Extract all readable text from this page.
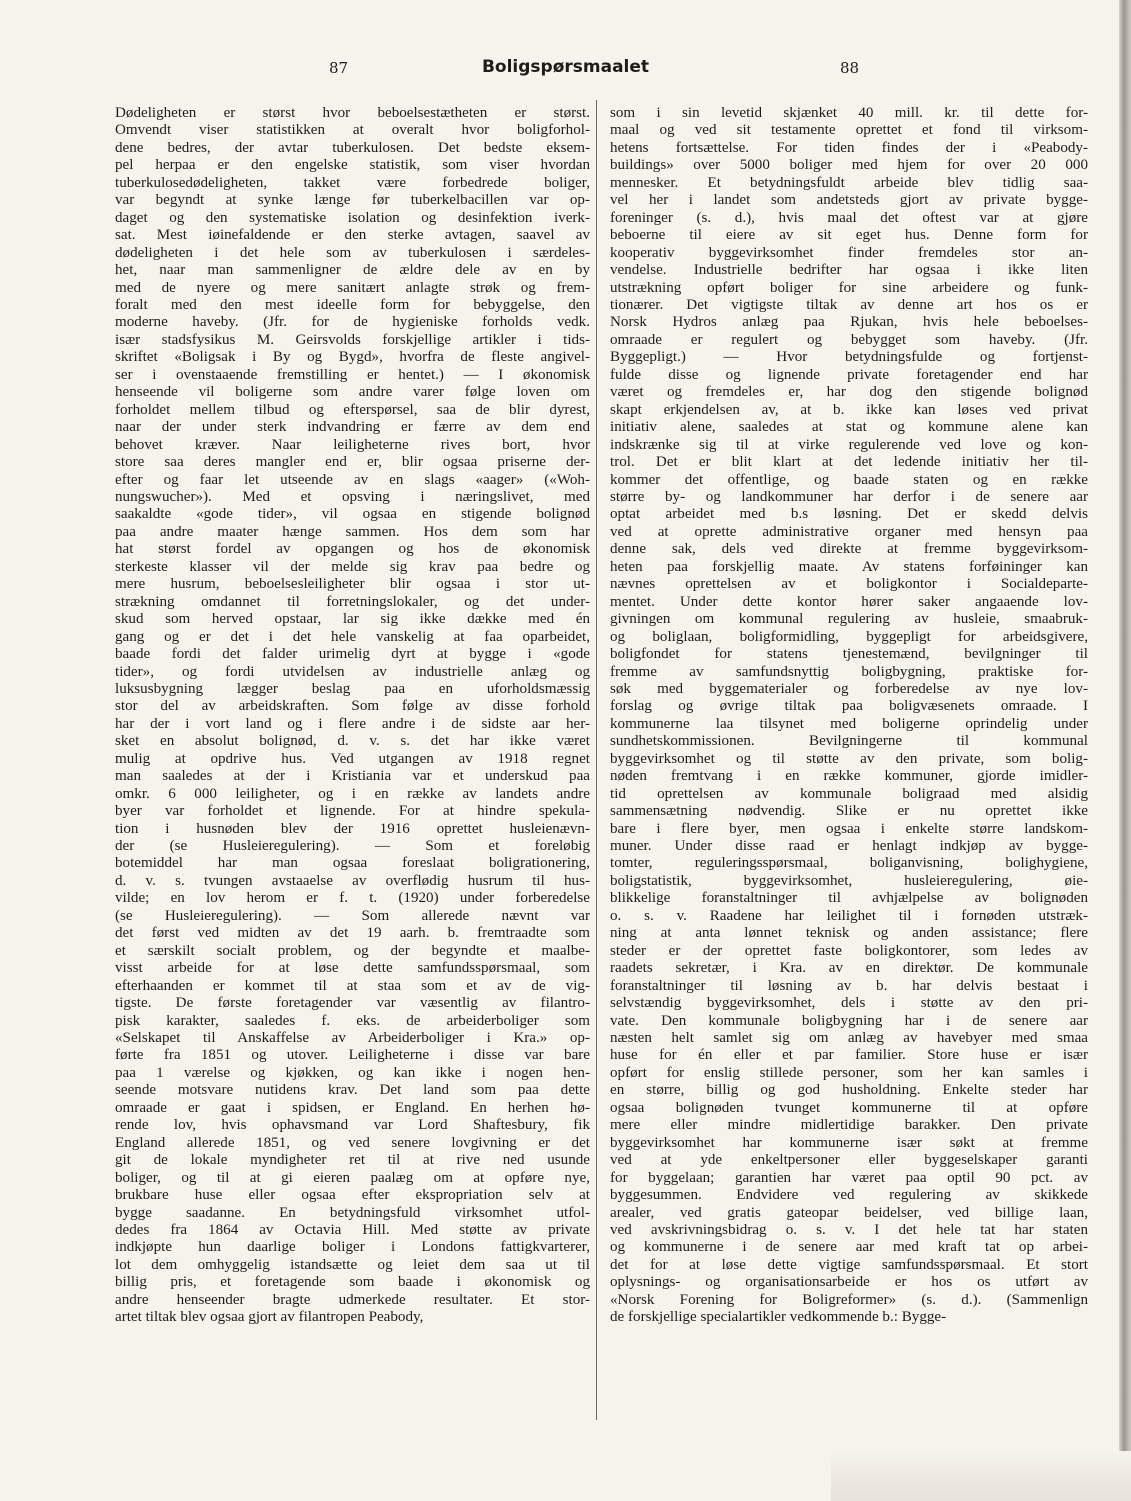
87	Boligspørsmaalet	88
Dødeligheten er størst hvor beboelsestætheten er størst.
Omvendt viser statistikken at overalt hvor boligforhol-
dene bedres, der avtar tuberkulosen. Det bedste eksem-
pel herpaa er den engelske statistik, som viser hvordan
tuberkulosedødeligheten, takket være forbedrede boliger,
var begyndt at synke længe før tuberkelbacillen var op-
daget og den systematiske isolation og desinfektion iverk-
sat. Mest iøinefaldende er den sterke avtagen, saavel av
dødeligheten i det hele som av tuberkulosen i særdeles-
het, naar man sammenligner de ældre dele av en by
med de nyere og mere sanitært anlagte strøk og frem-
foralt med den mest ideelle form for bebyggelse, den
moderne haveby. (Jfr. for de hygieniske forholds vedk.
især stadsfysikus M. Geirsvolds forskjellige artikler i tids-
skriftet «Boligsak i By og Bygd», hvorfra de fleste angivel-
ser i ovenstaaende fremstilling er hentet.) — I økonomisk
henseende vil boligerne som andre varer følge loven om
forholdet mellem tilbud og efterspørsel, saa de blir dyrest,
naar der under sterk indvandring er færre av dem end
behovet kræver. Naar leiligheterne rives bort, hvor
store saa deres mangler end er, blir ogsaa priserne der-
efter og faar let utseende av en slags «aager» («Woh-
nungswucher»). Med et opsving i næringslivet, med
saakaldte «gode tider», vil ogsaa en stigende bolignød
paa andre maater hænge sammen. Hos dem som har
hat størst fordel av opgangen og hos de økonomisk
sterkeste klasser vil der melde sig krav paa bedre og
mere husrum, beboelsesleiligheter blir ogsaa i stor ut-
strækning omdannet til forretningslokaler, og det under-
skud som herved opstaar, lar sig ikke dække med én
gang og er det i det hele vanskelig at faa oparbeidet,
baade fordi det falder urimelig dyrt at bygge i «gode
tider», og fordi utvidelsen av industrielle anlæg og
luksusbygning lægger beslag paa en uforholdsmæssig
stor del av arbeidskraften. Som følge av disse forhold
har der i vort land og i flere andre i de sidste aar her-
sket en absolut bolignød, d. v. s. det har ikke været
mulig at opdrive hus. Ved utgangen av 1918 regnet
man saaledes at der i Kristiania var et underskud paa
omkr. 6 000 leiligheter, og i en række av landets andre
byer var forholdet et lignende. For at hindre spekula-
tion i husnøden blev der 1916 oprettet husleienævn-
der (se Husleieregulering). — Som et foreløbig
botemiddel har man ogsaa foreslaat boligrationering,
d. v. s. tvungen avstaaelse av overflødig husrum til hus-
vilde; en lov herom er f. t. (1920) under forberedelse
(se Husleieregulering). — Som allerede nævnt var
det først ved midten av det 19 aarh. b. fremtraadte som
et særskilt socialt problem, og der begyndte et maalbe-
visst arbeide for at løse dette samfundsspørsmaal, som
efterhaanden er kommet til at staa som et av de vig-
tigste. De første foretagender var væsentlig av filantro-
pisk karakter, saaledes f. eks. de arbeiderboliger som
«Selskapet til Anskaffelse av Arbeiderboliger i Kra.» op-
førte fra 1851 og utover. Leiligheterne i disse var bare
paa 1 værelse og kjøkken, og kan ikke i nogen hen-
seende motsvare nutidens krav. Det land som paa dette
omraade er gaat i spidsen, er England. En herhen hø-
rende lov, hvis ophavsmand var Lord Shaftesbury, fik
England allerede 1851, og ved senere lovgivning er det
git de lokale myndigheter ret til at rive ned usunde
boliger, og til at gi eieren paalæg om at opføre nye,
brukbare huse eller ogsaa efter ekspropriation selv at
bygge saadanne. En betydningsfuld virksomhet utfol-
dedes fra 1864 av Octavia Hill. Med støtte av private
indkjøpte hun daarlige boliger i Londons fattigkvarterer,
lot dem omhyggelig istandsætte og leiet dem saa ut til
billig pris, et foretagende som baade i økonomisk og
andre henseender bragte udmerkede resultater. Et stor-
artet tiltak blev ogsaa gjort av filantropen Peabody,
som i sin levetid skjænket 40 mill. kr. til dette for-
maal og ved sit testamente oprettet et fond til virksom-
hetens fortsættelse. For tiden findes der i «Peabody-
buildings» over 5000 boliger med hjem for over 20 000
mennesker. Et betydningsfuldt arbeide blev tidlig saa-
vel her i landet som andetsteds gjort av private bygge-
foreninger (s. d.), hvis maal det oftest var at gjøre
beboerne til eiere av sit eget hus. Denne form for
kooperativ byggevirksomhet finder fremdeles stor an-
vendelse. Industrielle bedrifter har ogsaa i ikke liten
utstrækning opført boliger for sine arbeidere og funk-
tionærer. Det vigtigste tiltak av denne art hos os er
Norsk Hydros anlæg paa Rjukan, hvis hele beboelses-
omraade er regulert og bebygget som haveby. (Jfr.
Byggepligt.) — Hvor betydningsfulde og fortjenst-
fulde disse og lignende private foretagender end har
været og fremdeles er, har dog den stigende bolignød
skapt erkjendelsen av, at b. ikke kan løses ved privat
initiativ alene, saaledes at stat og kommune alene kan
indskrænke sig til at virke regulerende ved love og kon-
trol. Det er blit klart at det ledende initiativ her til-
kommer det offentlige, og baade staten og en række
større by- og landkommuner har derfor i de senere aar
optat arbeidet med b.s løsning. Det er skedd delvis
ved at oprette administrative organer med hensyn paa
denne sak, dels ved direkte at fremme byggevirksom-
heten paa forskjellig maate. Av statens forføininger kan
nævnes oprettelsen av et boligkontor i Socialdeparte-
mentet. Under dette kontor hører saker angaaende lov-
givningen om kommunal regulering av husleie, smaabruk-
og boliglaan, boligformidling, byggepligt for arbeidsgivere,
boligfondet for statens tjenestemænd, bevilgninger til
fremme av samfundsnyttig boligbygning, praktiske for-
søk med byggematerialer og forberedelse av nye lov-
forslag og øvrige tiltak paa boligvæsenets omraade. I
kommunerne laa tilsynet med boligerne oprindelig under
sundhetskommissionen. Bevilgningerne til kommunal
byggevirksomhet og til støtte av den private, som bolig-
nøden fremtvang i en række kommuner, gjorde imidler-
tid oprettelsen av kommunale boligraad med alsidig
sammensætning nødvendig. Slike er nu oprettet ikke
bare i flere byer, men ogsaa i enkelte større landskom-
muner. Under disse raad er henlagt indkjøp av bygge-
tomter, reguleringsspørsmaal, boliganvisning, bolighygiene,
boligstatistik, byggevirksomhet, husleieregulering, øie-
blikkelige foranstaltninger til avhjælpelse av bolignøden
o. s. v. Raadene har leilighet til i fornøden utstræk-
ning at anta lønnet teknisk og anden assistance; flere
steder er der oprettet faste boligkontorer, som ledes av
raadets sekretær, i Kra. av en direktør. De kommunale
foranstaltninger til løsning av b. har delvis bestaat i
selvstændig byggevirksomhet, dels i støtte av den pri-
vate. Den kommunale boligbygning har i de senere aar
næsten helt samlet sig om anlæg av havebyer med smaa
huse for én eller et par familier. Store huse er især
opført for enslig stillede personer, som her kan samles i
en større, billig og god husholdning. Enkelte steder har
ogsaa bolignøden tvunget kommunerne til at opføre
mere eller mindre midlertidige barakker. Den private
byggevirksomhet har kommunerne især søkt at fremme
ved at yde enkeltpersoner eller byggeselskaper garanti
for byggelaan; garantien har været paa optil 90 pct. av
byggesummen. Endvidere ved regulering av skikkede
arealer, ved gratis gateopar beidelser, ved billige laan,
ved avskrivningsbidrag o. s. v. I det hele tat har staten
og kommunerne i de senere aar med kraft tat op arbei-
det for at løse dette vigtige samfundsspørsmaal. Et stort
oplysnings- og organisationsarbeide er hos os utført av
«Norsk Forening for Boligreformer» (s. d.). (Sammenlign
de forskjellige specialartikler vedkommende b.: Bygge-
